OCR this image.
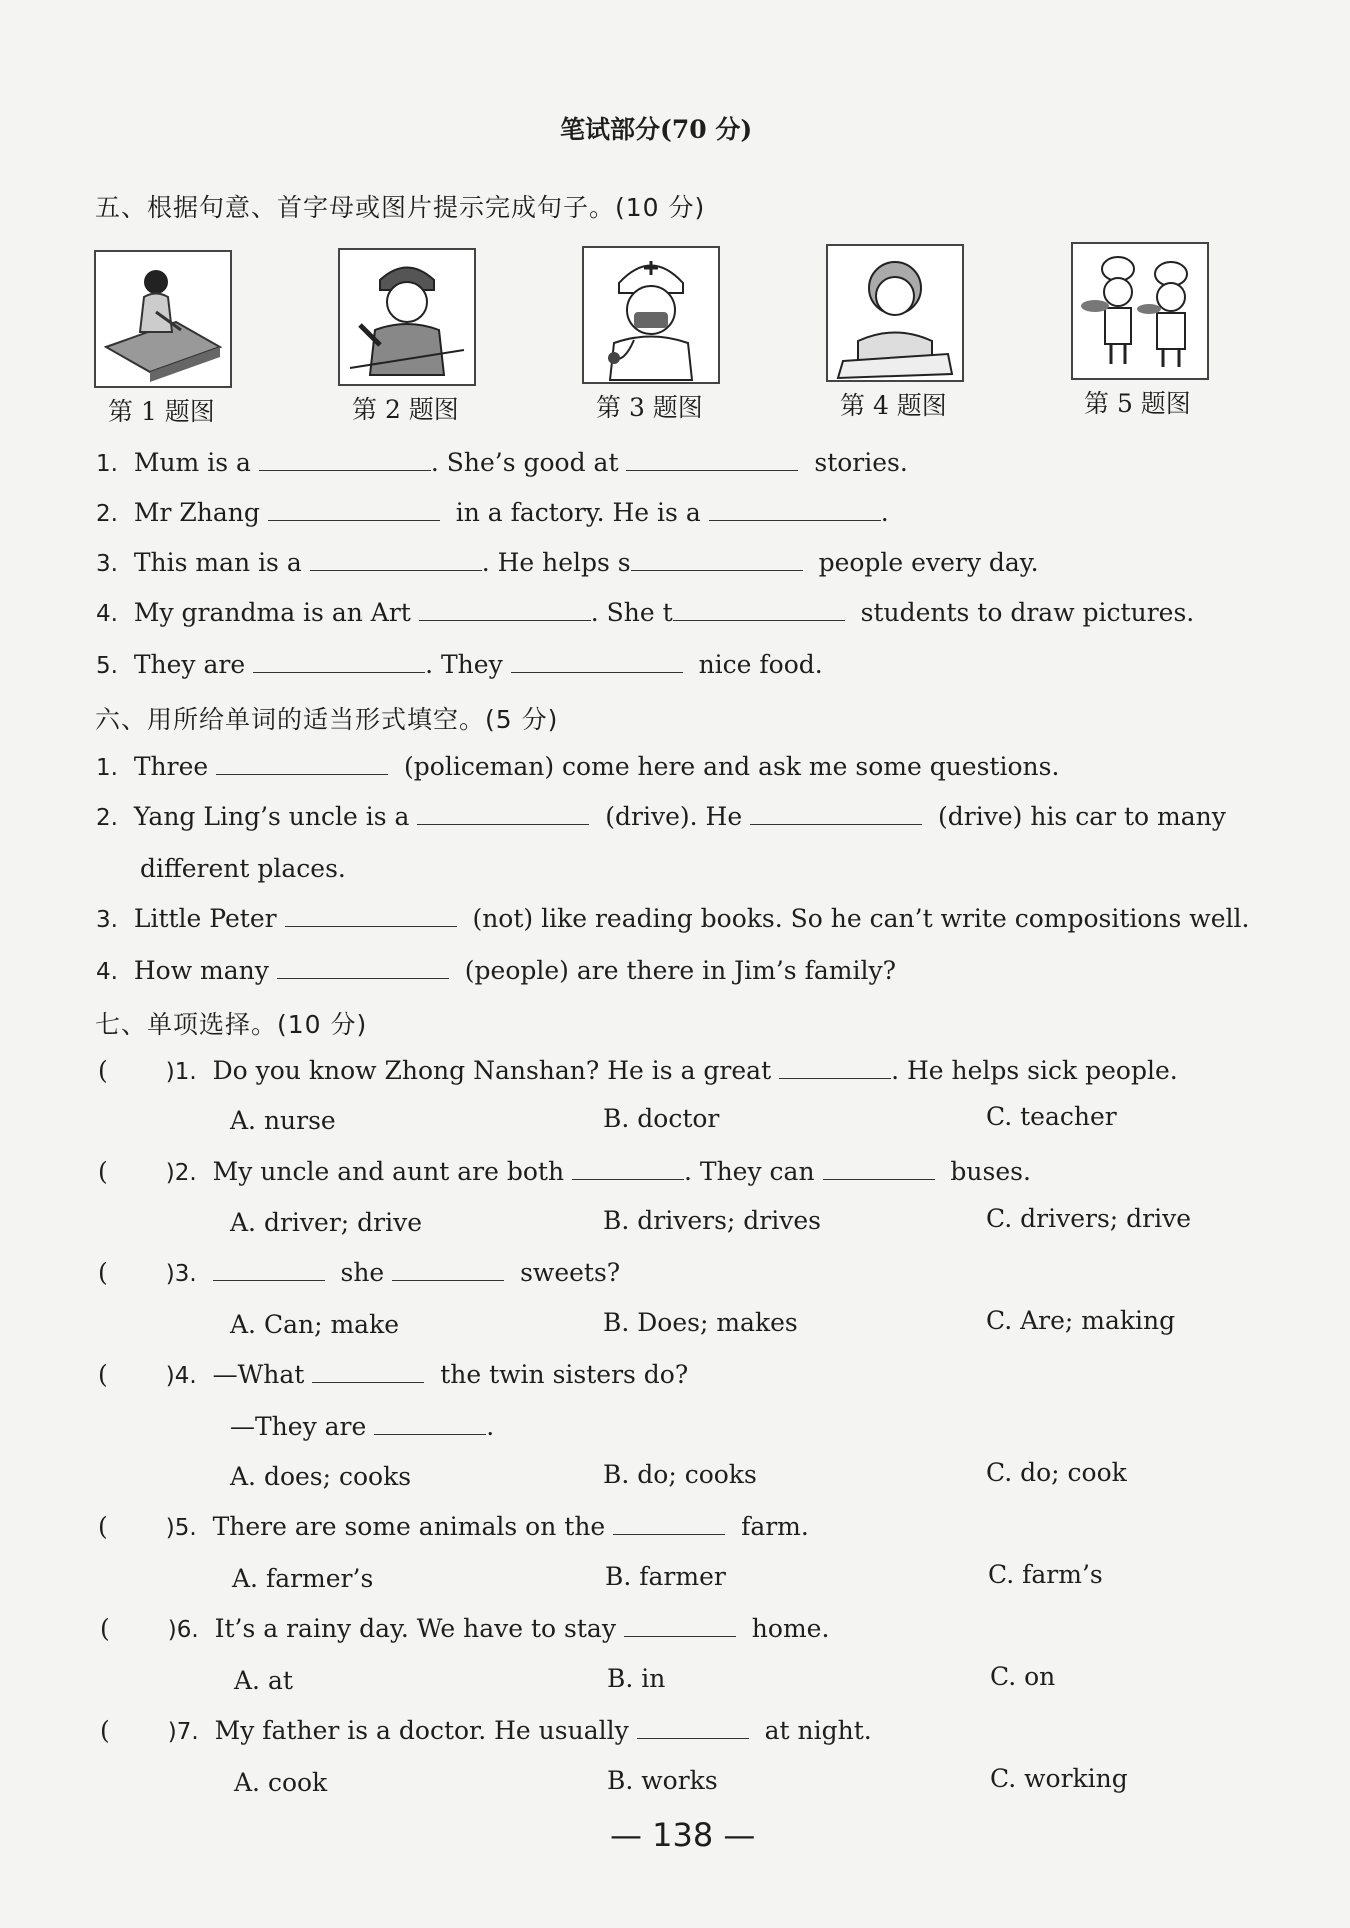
笔试部分(70 分)
五、根据句意、首字母或图片提示完成句子。(10 分)
第 1 题图	第 2 题图	第 3 题图	第 4 题图	第 5 题图
1. Mum is a	. She’s good at	stories.
2. Mr Zhang	in a factory. He is a	.
3. This man is a	. He helps s	people every day.
4. My grandma is an Art	. She t	students to draw pictures.
5. They are	. They	nice food.
六、用所给单词的适当形式填空。(5 分)
1. Three	(policeman) come here and ask me some questions.
2. Yang Ling’s uncle is a	(drive). He	(drive) his car to many
different places.
3. Little Peter	(not) like reading books. So he can’t write compositions well.
4. How many	(people) are there in Jim’s family?
七、单项选择。(10 分)
(	)1. Do you know Zhong Nanshan? He is a great	. He helps sick people.
A. nurse	B. doctor	C. teacher
(	)2. My uncle and aunt are both	. They can	buses.
A. driver; drive	B. drivers; drives	C. drivers; drive
(	)3.	she	sweets?
A. Can; make	B. Does; makes	C. Are; making
(	)4. —What	the twin sisters do?
—They are	.
A. does; cooks	B. do; cooks	C. do; cook
(	)5. There are some animals on the	farm.
A. farmer’s	B. farmer	C. farm’s
(	)6. It’s a rainy day. We have to stay	home.
A. at	B. in	C. on
(	)7. My father is a doctor. He usually	at night.
A. cook	B. works	C. working
— 138 —
